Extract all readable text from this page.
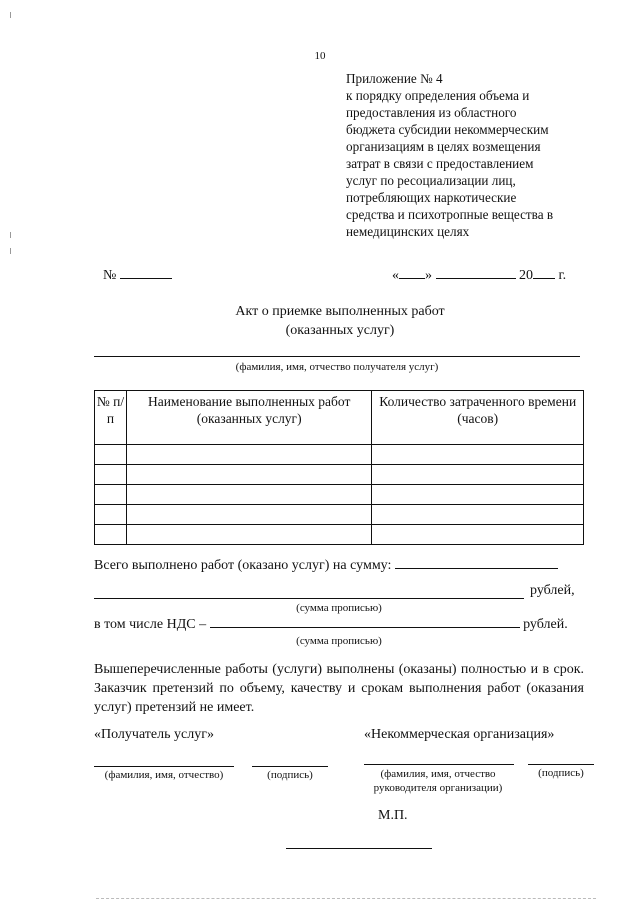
10
Приложение № 4
к порядку определения объема и
предоставления из областного
бюджета субсидии некоммерческим
организациям в целях возмещения
затрат в связи с предоставлением
услуг по ресоциализации лиц,
потребляющих наркотические
средства и психотропные вещества в
немедицинских целях
№	« »	20 г.
Акт о приемке выполненных работ
(оказанных услуг)
(фамилия, имя, отчество получателя услуг)
№ п/п	Наименование выполненных работ (оказанных услуг)	Количество затраченного времени (часов)

Всего выполнено работ (оказано услуг) на сумму:
рублей,
(сумма прописью)
в том числе НДС –	рублей.
(сумма прописью)
Вышеперечисленные работы (услуги) выполнены (оказаны) полностью и в срок. Заказчик претензий по объему, качеству и срокам выполнения работ (оказания услуг) претензий не имеет.
«Получатель услуг»	«Некоммерческая организация»
(фамилия, имя, отчество)	(подпись)	(фамилия, имя, отчество
руководителя организации)
(подпись)
М.П.
